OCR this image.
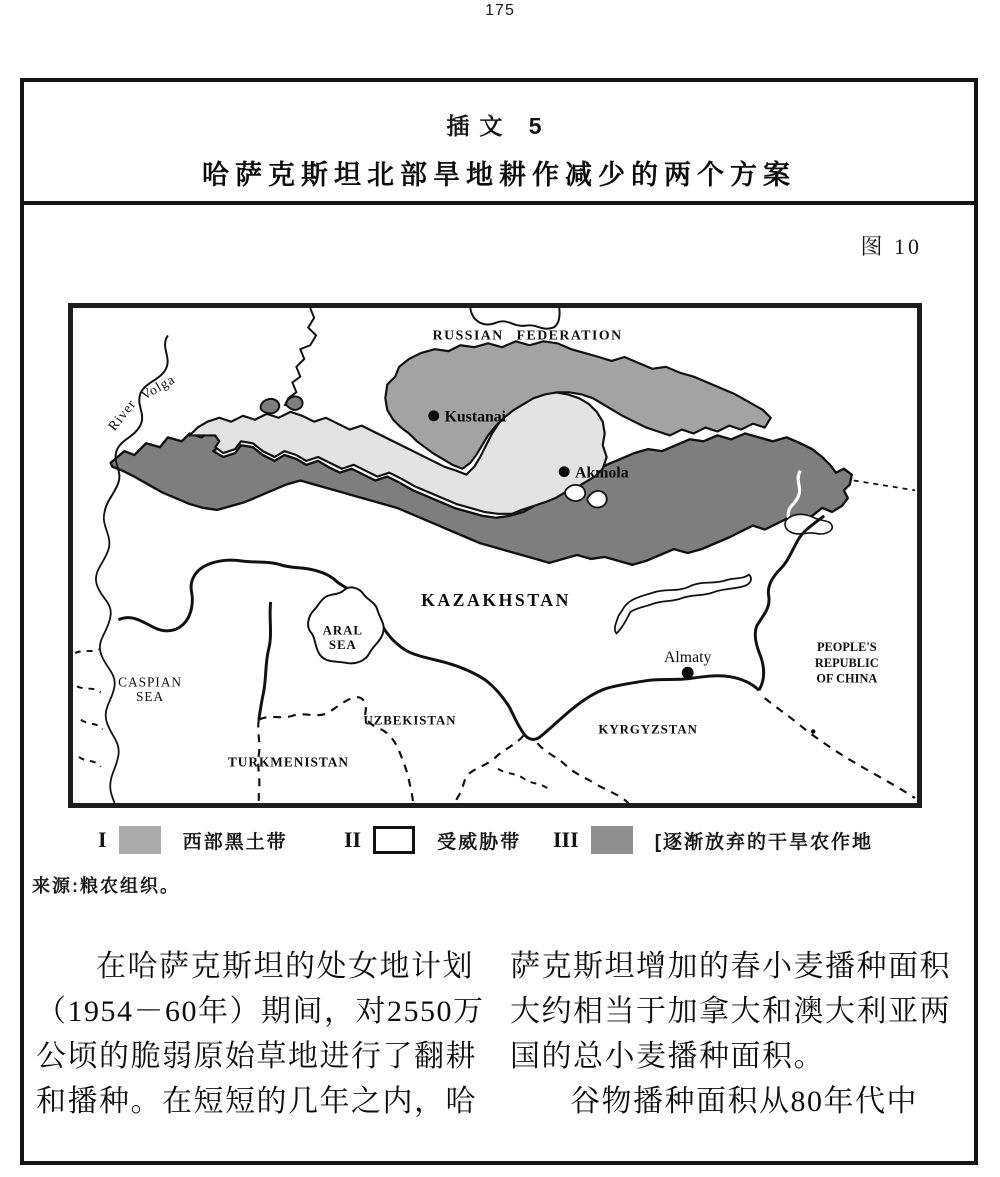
175
插文 5
哈萨克斯坦北部旱地耕作减少的两个方案
图 10
RUSSIAN FEDERATION
Kustanai
Akmola
KAZAKHSTAN
ARAL
SEA
CASPIAN
SEA
UZBEKISTAN
TURKMENISTAN
KYRGYZSTAN
Almaty
PEOPLE'S
REPUBLIC
OF CHINA
River
Volga
I	西部黑土带	II	受威胁带 III	[逐渐放弃的干旱农作地
来源:粮农组织。
在哈萨克斯坦的处女地计划
（1954－60年）期间，对2550万
公顷的脆弱原始草地进行了翻耕
和播种。在短短的几年之内，哈
萨克斯坦增加的春小麦播种面积
大约相当于加拿大和澳大利亚两
国的总小麦播种面积。
谷物播种面积从80年代中
